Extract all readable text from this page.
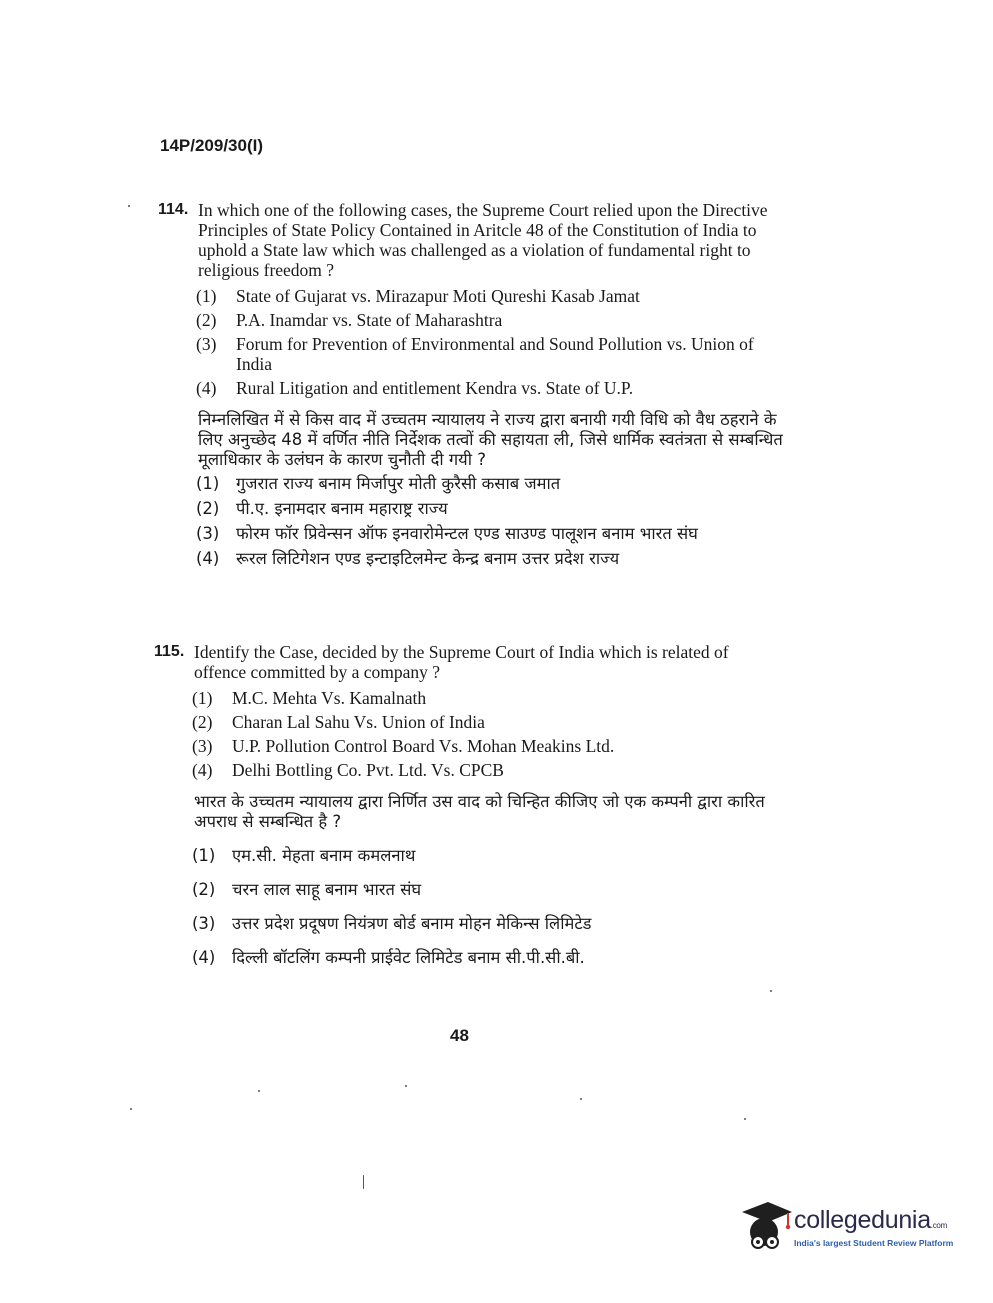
14P/209/30(I)
114. In which one of the following cases, the Supreme Court relied upon the Directive Principles of State Policy Contained in Aritcle 48 of the Constitution of India to uphold a State law which was challenged as a violation of fundamental right to religious freedom ?
(1)	State of Gujarat vs. Mirazapur Moti Qureshi Kasab Jamat
(2)	P.A. Inamdar vs. State of Maharashtra
(3)	Forum for Prevention of Environmental and Sound Pollution vs. Union of India
(4)	Rural Litigation and entitlement Kendra vs. State of U.P.
निम्नलिखित में से किस वाद में उच्चतम न्यायालय ने राज्य द्वारा बनायी गयी विधि को वैध ठहराने के लिए अनुच्छेद 48 में वर्णित नीति निर्देशक तत्वों की सहायता ली, जिसे धार्मिक स्वतंत्रता से सम्बन्धित मूलाधिकार के उलंघन के कारण चुनौती दी गयी ?
(1)	गुजरात राज्य बनाम मिर्जापुर मोती कुरैसी कसाब जमात
(2)	पी.ए. इनामदार बनाम महाराष्ट्र राज्य
(3)	फोरम फॉर प्रिवेन्सन ऑफ इनवारोमेन्टल एण्ड साउण्ड पालूशन बनाम भारत संघ
(4)	रूरल लिटिगेशन एण्ड इन्टाइटिलमेन्ट केन्द्र बनाम उत्तर प्रदेश राज्य
115. Identify the Case, decided by the Supreme Court of India which is related of offence committed by a company ?
(1)	M.C. Mehta Vs. Kamalnath
(2)	Charan Lal Sahu Vs. Union of India
(3)	U.P. Pollution Control Board Vs. Mohan Meakins Ltd.
(4)	Delhi Bottling Co. Pvt. Ltd. Vs. CPCB
भारत के उच्चतम न्यायालय द्वारा निर्णित उस वाद को चिन्हित कीजिए जो एक कम्पनी द्वारा कारित अपराध से सम्बन्धित है ?
(1)	एम.सी. मेहता बनाम कमलनाथ
(2)	चरन लाल साहू बनाम भारत संघ
(3)	उत्तर प्रदेश प्रदूषण नियंत्रण बोर्ड बनाम मोहन मेकिन्स लिमिटेड
(4)	दिल्ली बॉटलिंग कम्पनी प्राईवेट लिमिटेड बनाम सी.पी.सी.बी.
48
collegedunia.com
India's largest Student Review Platform
